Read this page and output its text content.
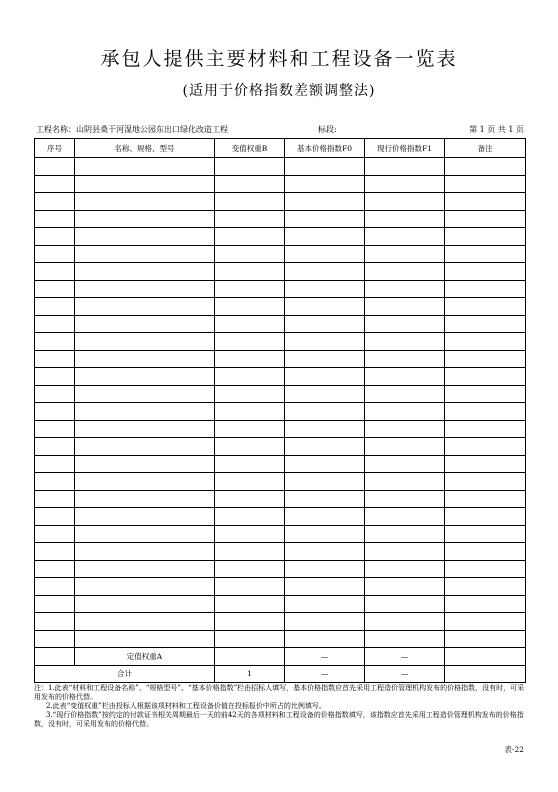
承包人提供主要材料和工程设备一览表
(适用于价格指数差额调整法)
工程名称：山阴县桑干河湿地公园东出口绿化改造工程	标段:	第 1 页 共 1 页
序号	名称、规格、型号	变值权重B	基本价格指数F0	现行价格指数F1	备注

	定值权重A		—	—	
合计		1	—	—	

注：1.此表“材料和工程设备名称”、“规格型号”、“基本价格指数”栏由招标人填写，基本价格指数应首先采用工程造价管理机构发布的价格指数，没有时，可采用发布的价格代替。

2.此表“变值权重”栏由投标人根据该项材料和工程设备价值在投标报价中所占的比例填写。

3.“现行价格指数”按约定的付款证书相关周期最后一天的前42天的各项材料和工程设备的价格指数填写，该指数应首先采用工程造价管理机构发布的价格指数，没有时，可采用发布的价格代替。

表-22
